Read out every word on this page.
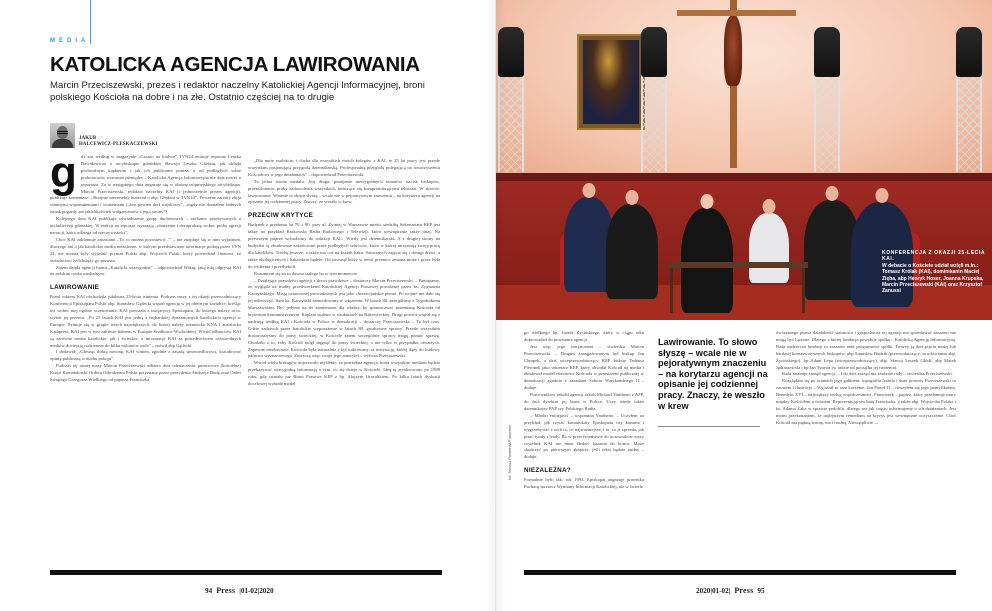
MEDIA
KATOLICKA AGENCJA LAWIROWANIA
Marcin Przeciszewski, prezes i redaktor naczelny Katolickiej Agencji Informacyjnej, broni polskiego Kościoła na dobre i na złe. Ostatnio częściej na to drugie
JAKUB
HALCEWICZ-PLESKACZEWSKI
g dy zaś według w magazynie „Czarno na białym” TVN24 emituje reportaż Leszka Dawidowicza o arcybiskupie gdańskim Sławoju Leszku Głódziu, jak składa pochwalnym kapłanom i jak ich publicznie poniża, a od podległych sobie proboszczów wymusza pieniądze – Katolicka Agencja Informacyjna nie daje nawet o reportażu. Za to następnego dnia angażuje się w obronę trójmiejskiego arcybiskupa. Marcin Przeciszewski, redaktor naczelny KAI (i jednocześnie prezes agencji), publikuje komentarz: „Skrajnie nierzetelny materiał o abp. Głódziu w TVN24”. Poważne zarzuty zbija własnymi wspomnieniami i wrażeniami („Jest pewien dref wojskowy”, „nigdy nie doznałem żadnych oznak pogardy ani jakichkolwiek wulgaryzmów z jego strony”).

Kolejnego dnia KAI publikuje oświadczenie grupy duchownych – rzekomo przebywanych z archidiecezji gdańskiej. W reakcji na reportaż wyrażają „oburzenie i dezaprobatę wobec próby agresji narracji, która odbiega od rzeczywistości”.

Choć KAI zakłamuje zarzutami „To co można pozostawić...” – nie znajduje się w nim wyjaśnień, dlaczego ani o jak katolickie media niezależne, w którym przedstawione informacje podają przez TVN 24, nie można były wyjaśnić prymas Polski abp. Wojciech Polak, który powiedział Onetowi, że świadectwo tych księży go porusza.

Zatem dzięki agencji brzmi „Katolicki wiarygodna” – odpowiedział Widzę, jaką rolę odgrywa KAI na polskim rynku medialnym.

LAWIROWANIE

Przed rokiem KAI obchodziła jubileusz 25-lecia istnienia. Podczas mszy z tej okazji przewodniczący Konferencji Episkopatu Polski abp. Stanisław Gądecki wsparł agencję w jej obecnym kształcie, kreśląc też wobec niej ogólne oczekiwania. KAI powstała z inicjatywy Episkopatu, do którego należy m.in. wybór jej prezesa. „Po 25 latach KAI jest jedną z najbardziej dynamicznych katolickich agencji w Europie. Sytuuje się w grupie trzech największych, do której należy niemiecka KNA i austriacka Kathpress. KAI jest w tym zakresie liderem w Europie Środkowo-Wschodniej. Wśród odbiorców KAI są zarówno media katolickie, jak i świeckie, a informacje KAI za pośrednictwem różnorodnych mediów docierają codziennie do kilku milionów osób” – mówił abp Gądecki.

I dodawał: „Głosząc dobrą nowinę, KAI winien, zgodnie z zasadą sprawiedliwości, kształtować opinię publiczną w duchu pokoju”.

Podczas tej samej mszy Marcin Przeciszewski odbiera dwa odznaczenia, państwowe (kościelne) Krzyż Komandorski Orderu Odrodzenia Polski przyznany przez prezydenta Andrzeja Dudę oraz Order Świętego Grzegorza Wielkiego od papieża Franciszka.

„Dla mnie osobiście, i chyba dla wszystkich moich kolegów z KAI, te 25 lat pracy jest przede wszystkim pasjonującą przygodą dziennikarską. Profesjonalną przygodą polegającą na towarzyszeniu Kościołowi w jego działaniach” – dopowiedział Przeciszewski.

To jedna strona medalu. Jest druga: pomijanie niewygodnych tematów, nacisk biskupów, przemilczenia, próby zadowolenia wszystkich, kończące się kompromitującymi tekstami. W skrócie: lawirowanie. Właśnie to słowo słyszę – wcale nie w pejoratywnym znaczeniu – na korytarzu agencji na opisanie jej codziennej pracy. Znaczy, że weszło w krew.

PRZECIW KRYTYCE

Budynek z przełomu lat 70. i 80. przy ul. Zytniej w Warszawie mieści siedzibę Sekretariatu KEP jest także na przykład Krakowski Radia Radiowego i Telewizji, które wewnętrznie także tutaj. Na pierwszym piętrze wchodzimy do redakcji KAI... Wtedy jest dziennikarski. A z drugiej strony na budynku są zbudowane zakończone przez podległych sztućców, które w której utrzymują swoją pracę dla katolików. Trochę jeszcze, a także ma coś na kształt baku. Sztucznych zajęcie się i dostęp drzwi, a także ekologicznych i hakarskim będzie. Od zacisnął który w teorii przemoc zmiana może i przez była do widzenia i przedszkoli.

Rozumiem się na to dawno stałego bo w tym momencie.

– Działający prawdziwi agencji z drzwi prawdziwe – dostarczy Marcin Przeciszewski. – Pamiętamy, że wygląda na trudny przedweekend Katolickiej Agencji Prasowej powołanej przez ks. Zygmunta Kaczyńskiego. Misją oznaczonej prowadzonych jest jako chrześcijańskie pismo. Po wojnie nie dało się jej odtworzyć. Sam ks. Kaczyński zamordowany w więzieniu. W latach 80. przejęliśmy z Tygodnikiem Warszawskim. Być jedynie na tle zamienione dla władzy, by sponsorować przemianę Kościoła od kryterium komunistycznym. Kaplani stuletni w strukturach na Rakowieckiej. Drugi powrót wiązał się z nadzieją według KAI i Kościoła w Polsce w demokracji – dostarczy Przeciszewski. – To był czas. Gdzie zadziwili przez katolickie wyposażenie w latach 80. gwałtowne sprawy. Przede wszystkim dostarczałyśmy do prasy świeckiej, w Kościele zatem szczególnie sprawy mogę pomóc sprawę. Chodziło o to, żeby Kościół mógł sięgnąć do prasy świeckiej, a nie tylko w przypadku otwartych. Zapewne nieobecność Kościoła była naturalnie i był traktowany za instytucję, której dąży do budowy państwa wyznaniowego. Zniszczę więc swoje jego autorytet – wylicza Przeciszewski.

Wśród wielu biskupów dojrzewało myślenie, że potrzebna agencja, która wszystkim mediom będzie przekazywać wiarygodną informację o tym, co się dzieje w Kościele. Ideę tę zrealizowano po 1989 roku, gdy istniało już Biuro Prasowe KEP z bp. Alojzym Orszulikiem. Po kilku latach dyskusji docelowej wybrała model

94 Press |01-02|2020
KONFERENCJA Z OKAZJI 25-LECIA KAI.
W debacie o Kościele udział wzięli m.in.: Tomasz Królak (KAI), dominikanin Maciej Zięba, abp Henryk Hoser, Joanna Krupska, Marcin Przeciszewski (KAI) oraz Krzysztof Zanussi
fot. Tomasz Pasternak/Fotonews

go wielkiego bp. Józefa Życińskiego, który w ciągu roku doprowadził do powstania agencji.

Jest więc jego inicjatorami – stwierdza Marcin Przeciszewski. – Drugim zaangażowanym był biskup Jan Chrapek, a dziś wiceprzewodniczący KEP biskup Tadeusz Pieronek jako sekretarz KEP, który obwołał Kościół na media i zbudował model obecności Kościoła w przestrzeni publicznej w demokracji zgodnie z zasadami Soboru Watykańskiego II – dodaje.

Pracowników szkolił agencji szkoli Michael Vautheno z AFP, do dziś dyrektor jej biura w Polsce. Uczy wtedy także dziennikarzy PAP czy Polskiego Radia.

– Młodzi entuzjaści – wspomina Vautheno. – Uczyłem na przykład, jak czytać komunikaty Episkopatu czy kazania i wygrzebywać z nich to, co najważniejsze, i to, co je sprzeda, jak pisać tytuły i leady. Bo w przeciwieństwie do uczestników mszy czytelnik KAI nie musi śledzić kazania do końca. Może skończyć po pierwszym akapicie, jeśli tekst będzie nudny – dodaje.

NIEZALEŻNA?

Formalnie było tak: rok 1993, Episkopat angażuje prawnika Puchacę na rzecz Wymiany Informacji Katolickiej, ale w świetle

Lawirowanie. To słowo słyszę – wcale nie w pejoratywnym znaczeniu – na korytarzu agencji na opisanie jej codziennej pracy. Znaczy, że weszło w krew

ówczesnego prawa działalność statutowa i gospodarcza tej agencji nie sprzedawać zarazem nie mogą być łączone. Dlatego z której fundacja powołuje spółkę – Katolicką Agencję Informacyjną. Rada nadzorcza fundacji to zarazem rada programowa spółki. Tworzy ją dziś pięciu mniej lub bardziej konserwatywnych biskupów: abp Stanisław Budzik (przewodniczący, wrocławianin abp. Życińskiego), bp Adam Lepa (wiceprzewodniczący), abp. Sławoj Leszek Głódź, abp Marek Jędraszewski i bp Jan Tyrawa (w radzie od początku jej istnienia).

Rada mianuje zarząd agencji. – I do dziś zarząd ma zaufanie rady – stwierdza Przeciszewski.

Rozglądam się po ścianach jego gabinetu: topografia Izraela i duże portrety Przeciszewski to zarazem i ilustracje – Wyjaśnił to sam korzenie. Jan Paweł II – cieszyłem się jego pontyfikatem, Benedykt XVI – największy teolog współczesności, Franciszek – papież, który przełamuje mury między Kościołem a światem. Reprezentującym linię Franciszka, a także abp. Wojciecha Polaka i ks. Adama Żaka w sprawie pedofilii, dlatego też jak często informujemy o ich działaniach. Jest moim przekonaniem, że najlepszym remedium na kryzys jest wewnętrzne oczyszczenie. Choć Kościół ma piękną stronę, ma i trudną. Niewątpliwie →

2020|01-02| Press 95
